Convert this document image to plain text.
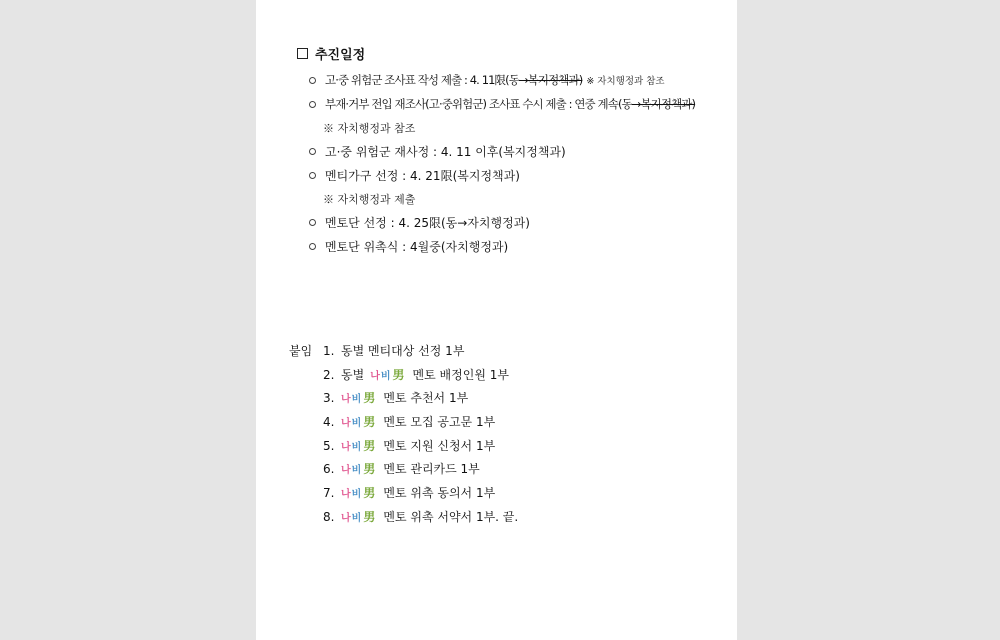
추진일정
고·중 위험군 조사표 작성 제출 : 4. 11限 (동 →복지정책과) ※ 자치행정과 참조
부재·거부 전입 재조사(고·중위험군) 조사표 수시 제출 : 연중 계속 (동 →복지정책과)
※ 자치행정과 참조
고·중 위험군 재사정 : 4. 11 이후(복지정책과)
멘티가구 선정 : 4. 21限(복지정책과)
※ 자치행정과 제출
멘토단 선정 : 4. 25限(동→자치행정과)
멘토단 위촉식 : 4월중(자치행정과)
붙임 1. 동별 멘티대상 선정 1부
2. 동별 나 비 男 멘토 배정인원 1부
3. 나 비 男 멘토 추천서 1부
4. 나 비 男 멘토 모집 공고문 1부
5. 나 비 男 멘토 지원 신청서 1부
6. 나 비 男 멘토 관리카드 1부
7. 나 비 男 멘토 위촉 동의서 1부
8. 나 비 男 멘토 위촉 서약서 1부. 끝.
